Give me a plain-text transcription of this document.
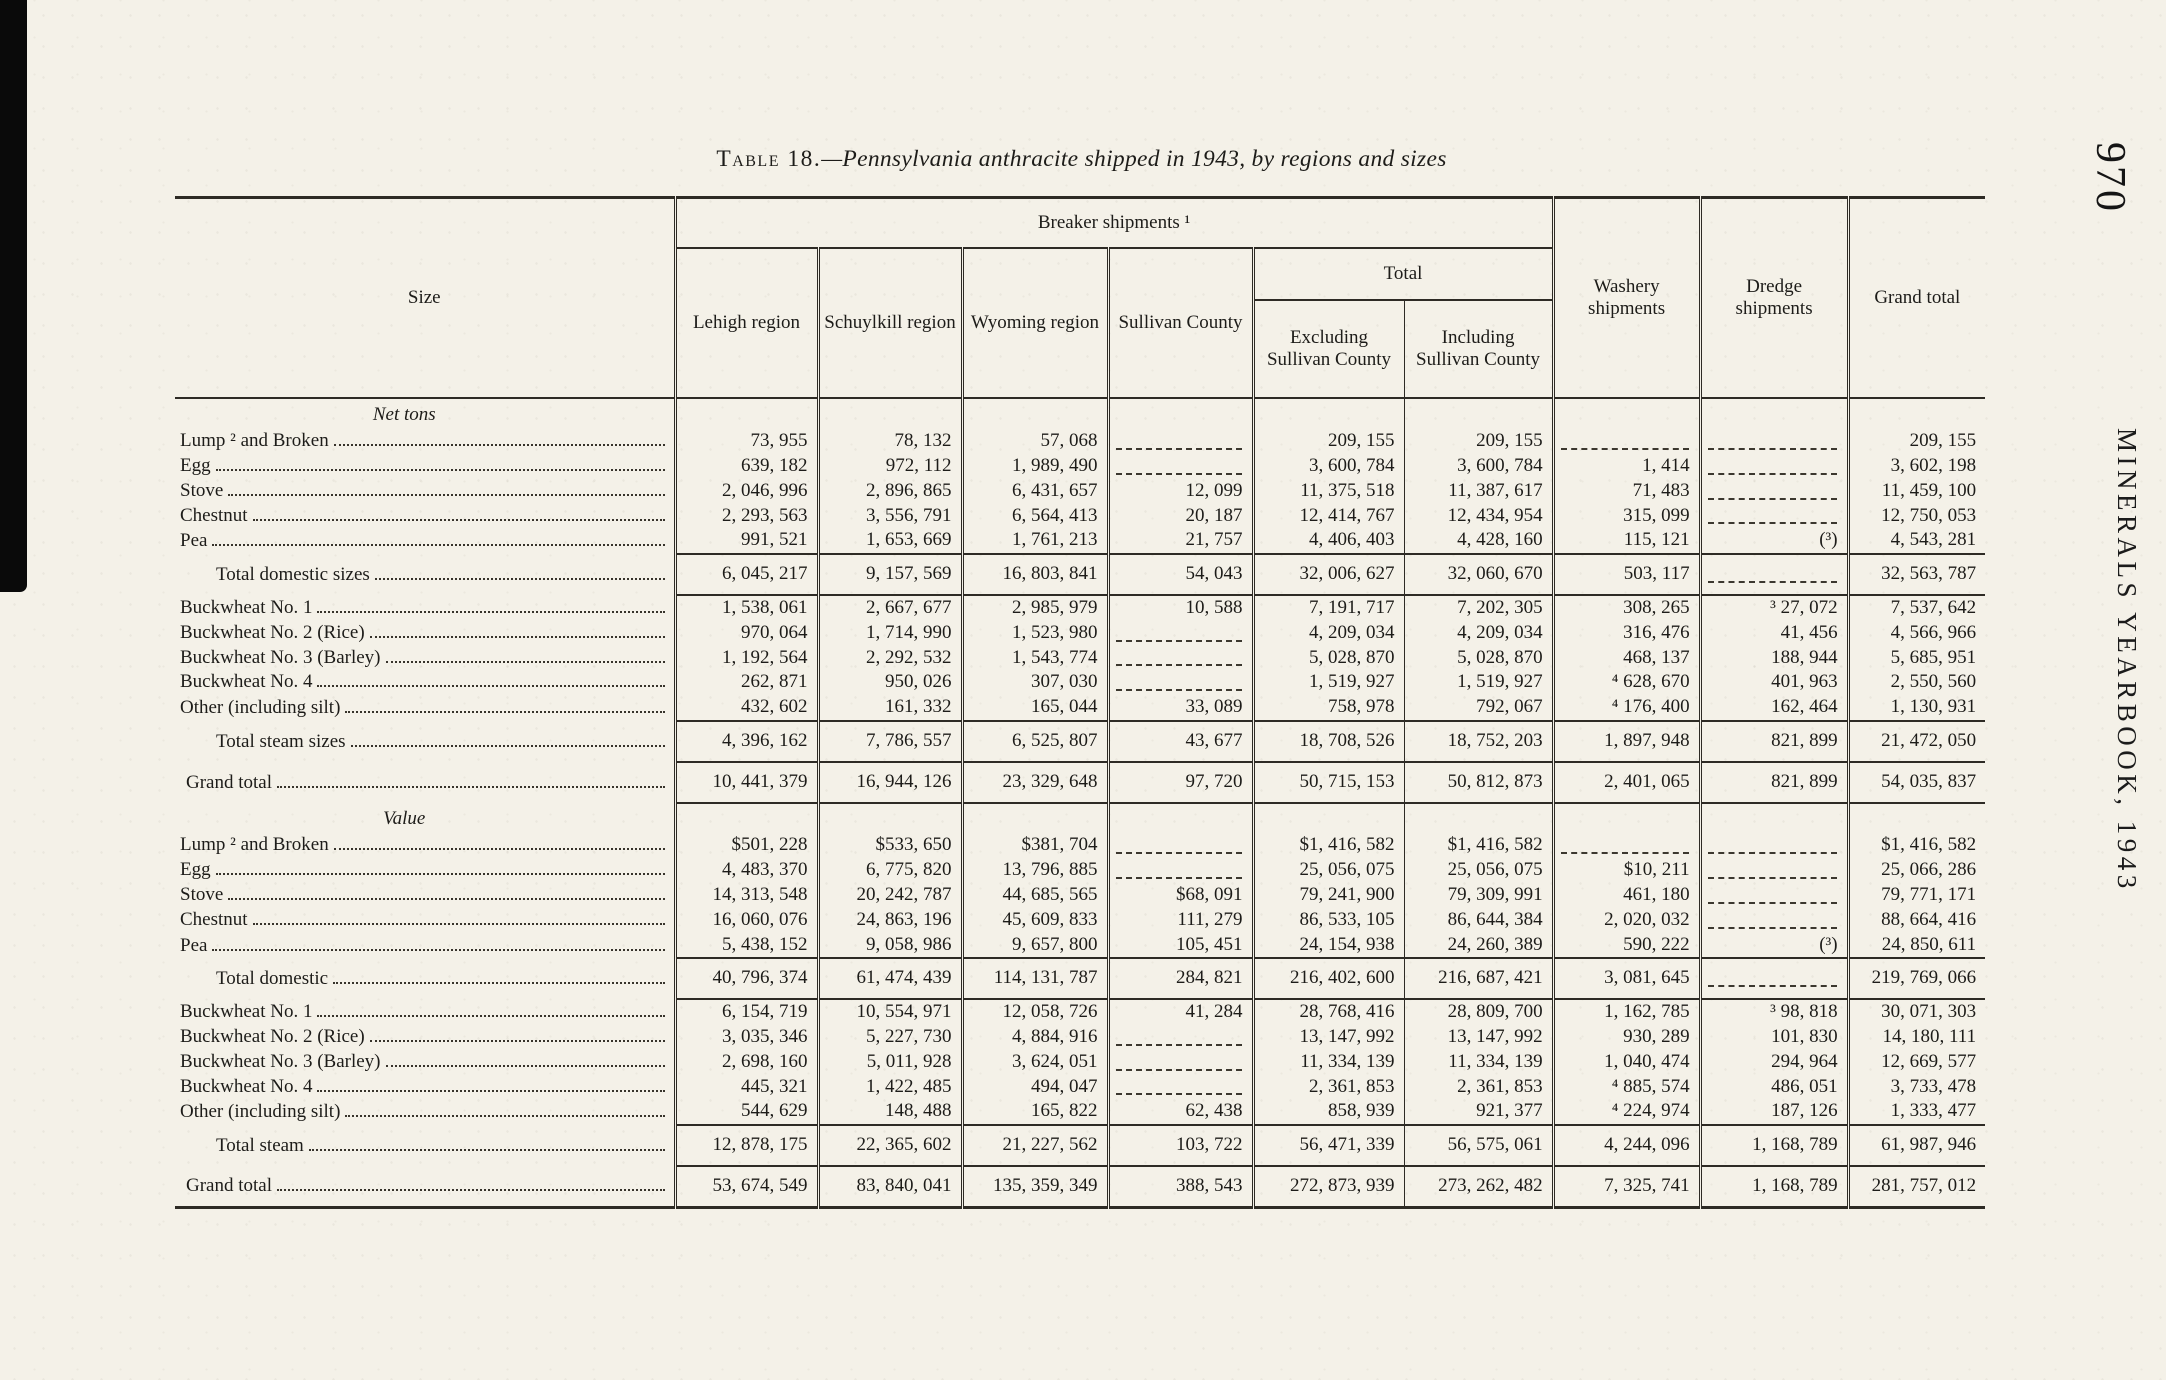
Table 18.—Pennsylvania anthracite shipped in 1943, by regions and sizes	970
MINERALS YEARBOOK, 1943
Size	Breaker shipments ¹						Washery shipments	Dredge shipments	Grand total
	Lehigh region	Schuylkill region	Wyoming region	Sullivan County	Total				
					Excluding Sullivan County	Including Sullivan County			
Net tons									

Lump ² and Broken	73, 955	78, 132	57, 068		209, 155	209, 155			209, 155

Egg	639, 182	972, 112	1, 989, 490		3, 600, 784	3, 600, 784	1, 414		3, 602, 198

Stove	2, 046, 996	2, 896, 865	6, 431, 657	12, 099	11, 375, 518	11, 387, 617	71, 483		11, 459, 100

Chestnut	2, 293, 563	3, 556, 791	6, 564, 413	20, 187	12, 414, 767	12, 434, 954	315, 099		12, 750, 053

Pea	991, 521	1, 653, 669	1, 761, 213	21, 757	4, 406, 403	4, 428, 160	115, 121	(³)	4, 543, 281

Total domestic sizes	6, 045, 217	9, 157, 569	16, 803, 841	54, 043	32, 006, 627	32, 060, 670	503, 117		32, 563, 787

Buckwheat No. 1	1, 538, 061	2, 667, 677	2, 985, 979	10, 588	7, 191, 717	7, 202, 305	308, 265	³ 27, 072	7, 537, 642

Buckwheat No. 2 (Rice)	970, 064	1, 714, 990	1, 523, 980		4, 209, 034	4, 209, 034	316, 476	41, 456	4, 566, 966

Buckwheat No. 3 (Barley)	1, 192, 564	2, 292, 532	1, 543, 774		5, 028, 870	5, 028, 870	468, 137	188, 944	5, 685, 951

Buckwheat No. 4	262, 871	950, 026	307, 030		1, 519, 927	1, 519, 927	⁴ 628, 670	401, 963	2, 550, 560

Other (including silt)	432, 602	161, 332	165, 044	33, 089	758, 978	792, 067	⁴ 176, 400	162, 464	1, 130, 931

Total steam sizes	4, 396, 162	7, 786, 557	6, 525, 807	43, 677	18, 708, 526	18, 752, 203	1, 897, 948	821, 899	21, 472, 050

Grand total	10, 441, 379	16, 944, 126	23, 329, 648	97, 720	50, 715, 153	50, 812, 873	2, 401, 065	821, 899	54, 035, 837
Value									

Lump ² and Broken	$501, 228	$533, 650	$381, 704		$1, 416, 582	$1, 416, 582			$1, 416, 582

Egg	4, 483, 370	6, 775, 820	13, 796, 885		25, 056, 075	25, 056, 075	$10, 211		25, 066, 286

Stove	14, 313, 548	20, 242, 787	44, 685, 565	$68, 091	79, 241, 900	79, 309, 991	461, 180		79, 771, 171

Chestnut	16, 060, 076	24, 863, 196	45, 609, 833	111, 279	86, 533, 105	86, 644, 384	2, 020, 032		88, 664, 416

Pea	5, 438, 152	9, 058, 986	9, 657, 800	105, 451	24, 154, 938	24, 260, 389	590, 222	(³)	24, 850, 611

Total domestic	40, 796, 374	61, 474, 439	114, 131, 787	284, 821	216, 402, 600	216, 687, 421	3, 081, 645		219, 769, 066

Buckwheat No. 1	6, 154, 719	10, 554, 971	12, 058, 726	41, 284	28, 768, 416	28, 809, 700	1, 162, 785	³ 98, 818	30, 071, 303

Buckwheat No. 2 (Rice)	3, 035, 346	5, 227, 730	4, 884, 916		13, 147, 992	13, 147, 992	930, 289	101, 830	14, 180, 111

Buckwheat No. 3 (Barley)	2, 698, 160	5, 011, 928	3, 624, 051		11, 334, 139	11, 334, 139	1, 040, 474	294, 964	12, 669, 577

Buckwheat No. 4	445, 321	1, 422, 485	494, 047		2, 361, 853	2, 361, 853	⁴ 885, 574	486, 051	3, 733, 478

Other (including silt)	544, 629	148, 488	165, 822	62, 438	858, 939	921, 377	⁴ 224, 974	187, 126	1, 333, 477

Total steam	12, 878, 175	22, 365, 602	21, 227, 562	103, 722	56, 471, 339	56, 575, 061	4, 244, 096	1, 168, 789	61, 987, 946

Grand total	53, 674, 549	83, 840, 041	135, 359, 349	388, 543	272, 873, 939	273, 262, 482	7, 325, 741	1, 168, 789	281, 757, 012
